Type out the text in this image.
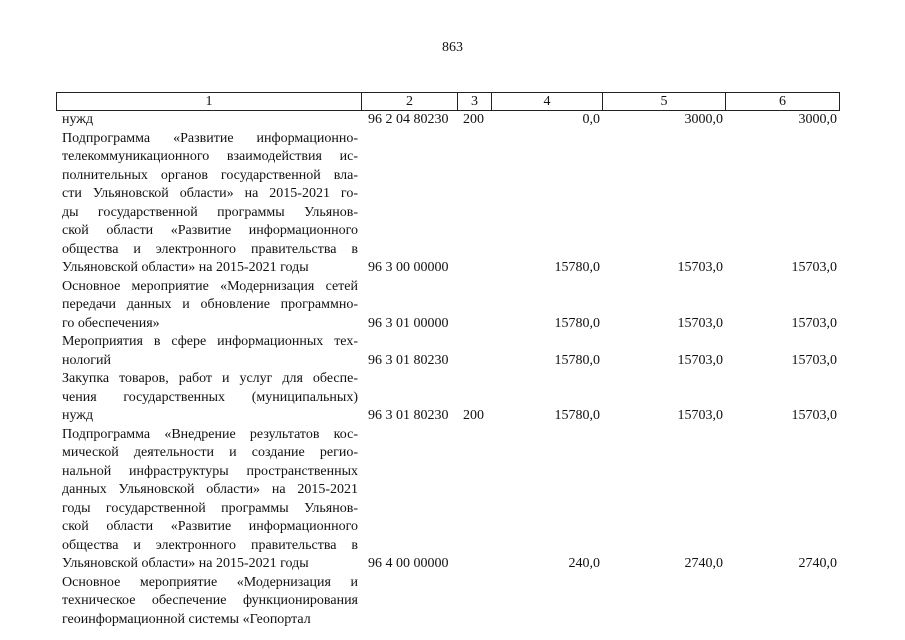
863
1	2	3	4	5	6
нужд	96 2 04 80230 200	0,0	3000,0	3000,0
Подпрограмма «Развитие информационно-
телекоммуникационного взаимодействия ис-
полнительных органов государственной вла-
сти Ульяновской области» на 2015-2021 го-
ды государственной программы Ульянов-
ской области «Развитие информационного
общества и электронного правительства в
Ульяновской области» на 2015-2021 годы	96 3 00 00000	15780,0	15703,0	15703,0
Основное мероприятие «Модернизация сетей
передачи данных и обновление программно-
го обеспечения»	96 3 01 00000	15780,0	15703,0	15703,0
Мероприятия в сфере информационных тех-
нологий	96 3 01 80230	15780,0	15703,0	15703,0
Закупка товаров, работ и услуг для обеспе-
чения государственных (муниципальных)
нужд	96 3 01 80230 200	15780,0	15703,0	15703,0
Подпрограмма «Внедрение результатов кос-
мической деятельности и создание регио-
нальной инфраструктуры пространственных
данных Ульяновской области» на 2015-2021
годы государственной программы Ульянов-
ской области «Развитие информационного
общества и электронного правительства в
Ульяновской области» на 2015-2021 годы	96 4 00 00000	240,0	2740,0	2740,0
Основное мероприятие «Модернизация и
техническое обеспечение функционирования
геоинформационной системы «Геопортал
